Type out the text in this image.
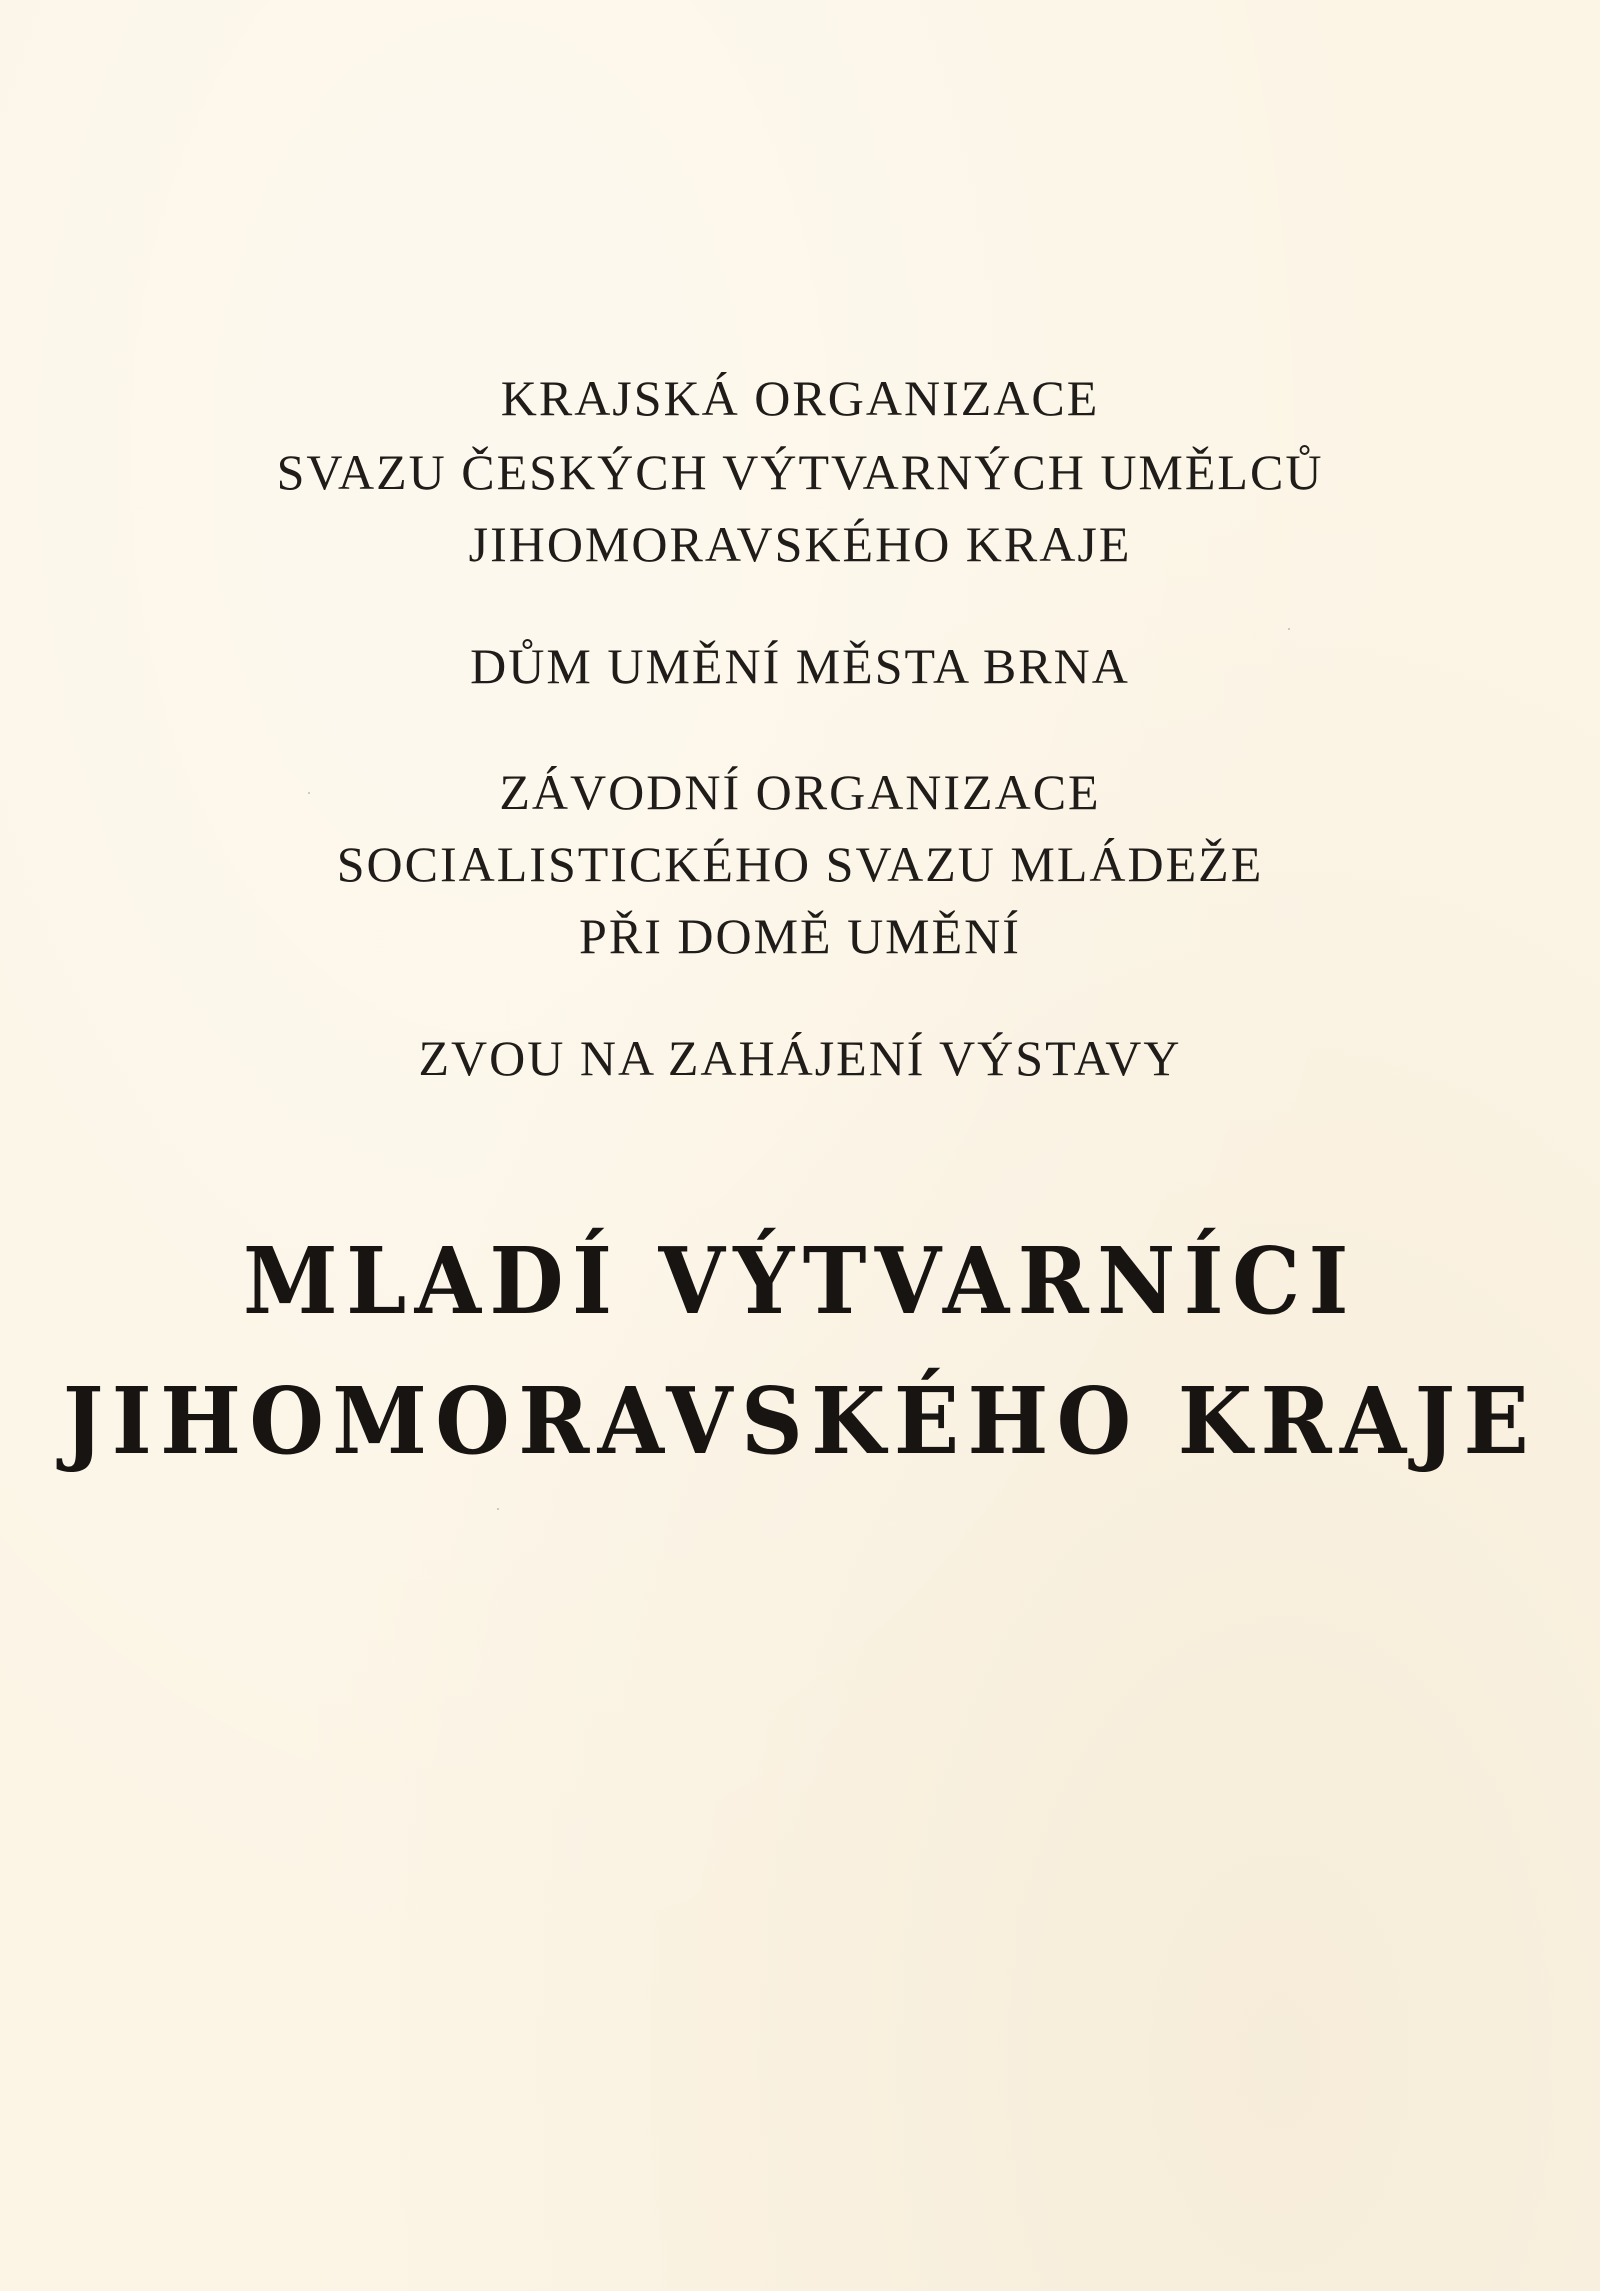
KRAJSKÁ ORGANIZACE
SVAZU ČESKÝCH VÝTVARNÝCH UMĚLCŮ
JIHOMORAVSKÉHO KRAJE
DŮM UMĚNÍ MĚSTA BRNA
ZÁVODNÍ ORGANIZACE
SOCIALISTICKÉHO SVAZU MLÁDEŽE
PŘI DOMĚ UMĚNÍ
ZVOU NA ZAHÁJENÍ VÝSTAVY
MLADÍ VÝTVARNÍCI
JIHOMORAVSKÉHO KRAJE
